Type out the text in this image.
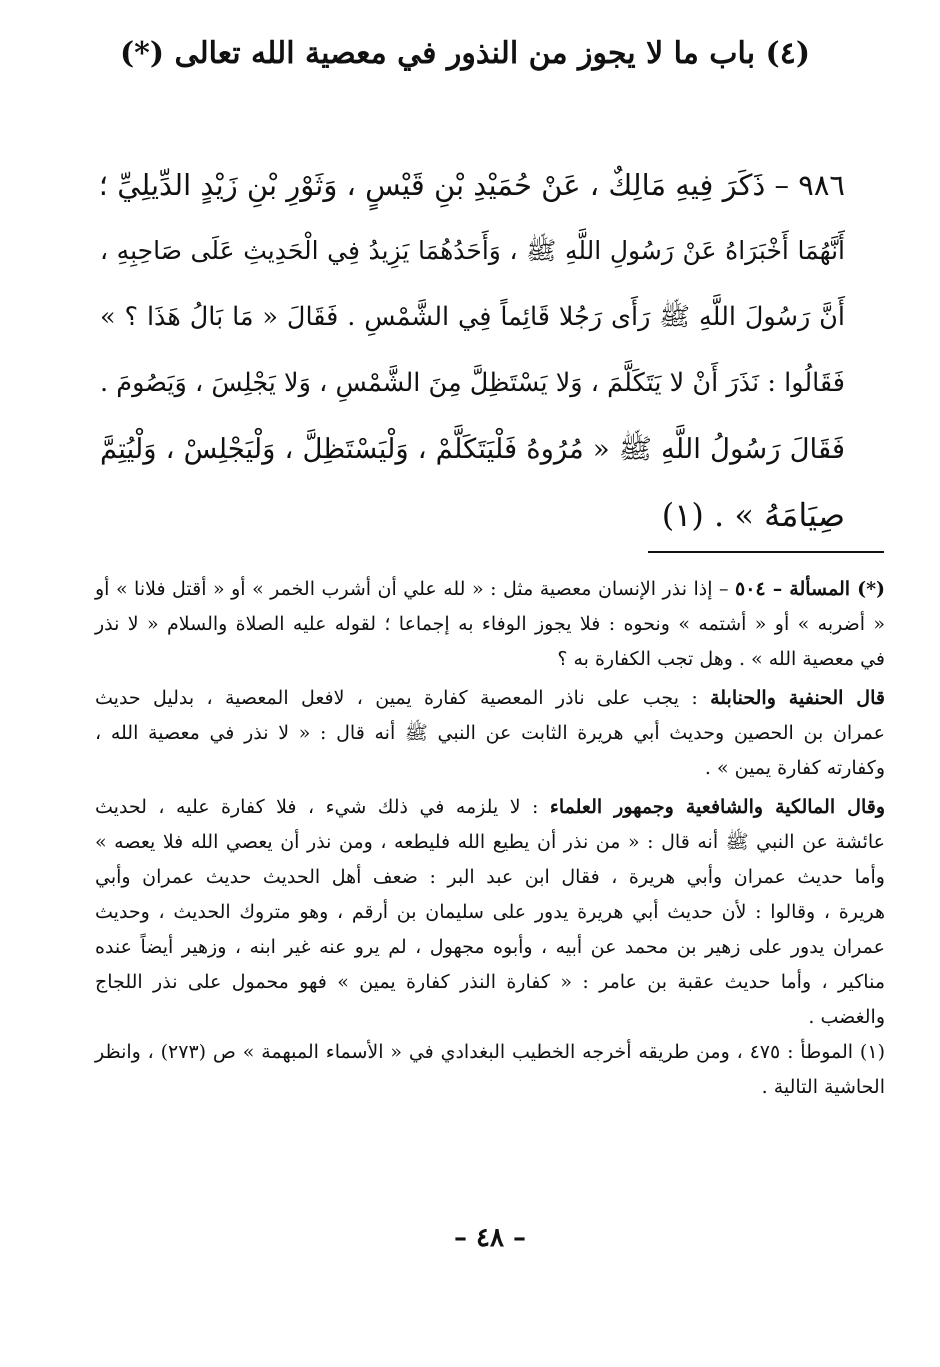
(٤) باب ما لا يجوز من النذور في معصية الله تعالى (*)
٩٨٦ – ذَكَرَ فِيهِ مَالِكٌ ، عَنْ حُمَيْدِ بْنِ قَيْسٍ ، وَثَوْرِ بْنِ زَيْدٍ الدِّيلِيِّ ؛
أَنَّهُمَا أَخْبَرَاهُ عَنْ رَسُولِ اللَّهِ ﷺ ، وَأَحَدُهُمَا يَزِيدُ فِي الْحَدِيثِ عَلَى صَاحِبِهِ ،
أَنَّ رَسُولَ اللَّهِ ﷺ رَأَى رَجُلا قَائِماً فِي الشَّمْسِ . فَقَالَ « مَا بَالُ هَذَا ؟ »
فَقَالُوا : نَذَرَ أَنْ لا يَتَكَلَّمَ ، وَلا يَسْتَظِلَّ مِنَ الشَّمْسِ ، وَلا يَجْلِسَ ، وَيَصُومَ .
فَقَالَ رَسُولُ اللَّهِ ﷺ « مُرُوهُ فَلْيَتَكَلَّمْ ، وَلْيَسْتَظِلَّ ، وَلْيَجْلِسْ ، وَلْيُتِمَّ
صِيَامَهُ » . (١)
(*) المسألة – ٥٠٤ – إذا نذر الإنسان معصية مثل : « لله علي أن أشرب الخمر » أو « أقتل فلانا » أو
« أضربه » أو « أشتمه » ونحوه : فلا يجوز الوفاء به إجماعا ؛ لقوله عليه الصلاة والسلام « لا نذر
في معصية الله » . وهل تجب الكفارة به ؟
قال الحنفية والحنابلة : يجب على ناذر المعصية كفارة يمين ، لافعل المعصية ، بدليل حديث
عمران بن الحصين وحديث أبي هريرة الثابت عن النبي ﷺ أنه قال : « لا نذر في معصية الله ،
وكفارته كفارة يمين » .
وقال المالكية والشافعية وجمهور العلماء : لا يلزمه في ذلك شيء ، فلا كفارة عليه ، لحديث
عائشة عن النبي ﷺ أنه قال : « من نذر أن يطيع الله فليطعه ، ومن نذر أن يعصي الله فلا يعصه »
وأما حديث عمران وأبي هريرة ، فقال ابن عبد البر : ضعف أهل الحديث حديث عمران وأبي
هريرة ، وقالوا : لأن حديث أبي هريرة يدور على سليمان بن أرقم ، وهو متروك الحديث ، وحديث
عمران يدور على زهير بن محمد عن أبيه ، وأبوه مجهول ، لم يرو عنه غير ابنه ، وزهير أيضاً عنده
مناكير ، وأما حديث عقبة بن عامر : « كفارة النذر كفارة يمين » فهو محمول على نذر اللجاج
والغضب .
(١) الموطأ : ٤٧٥ ، ومن طريقه أخرجه الخطيب البغدادي في « الأسماء المبهمة » ص (٢٧٣) ، وانظر
الحاشية التالية .
– ٤٨ –
